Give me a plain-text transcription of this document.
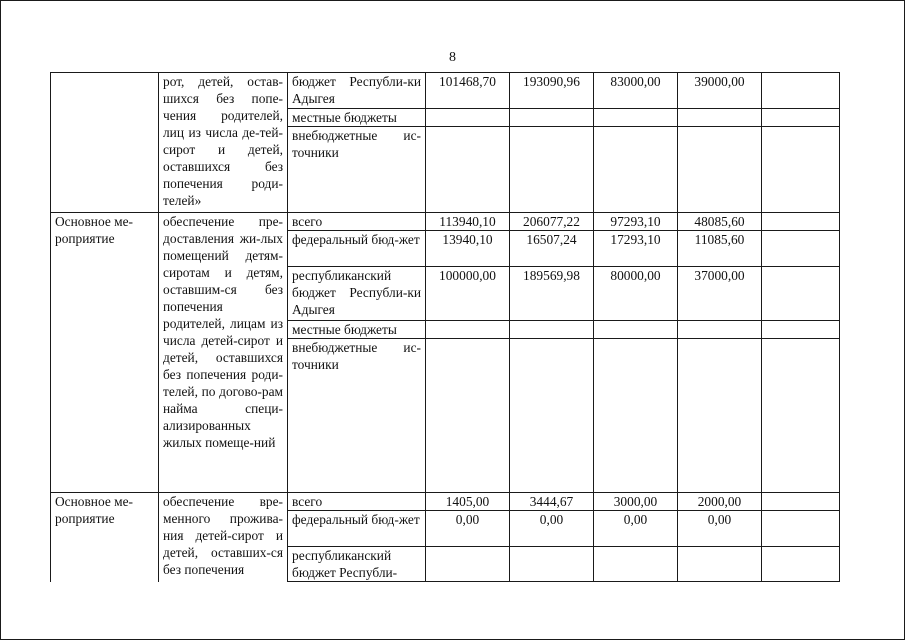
8
	рот, детей, остав-шихся без попе-чения родителей, лиц из числа де-тей-сирот и детей, оставшихся без попечения роди-телей»	бюджет Республи-ки Адыгея	101468,70	193090,96	83000,00	39000,00	
		местные бюджеты					
		внебюджетные ис-точники					
Основное ме-роприятие	обеспечение пре-доставления жи-лых помещений детям-сиротам и детям, оставшим-ся без попечения родителей, лицам из числа детей-сирот и детей, оставшихся без попечения роди-телей, по догово-рам найма специ-ализированных жилых помеще-ний	всего	113940,10	206077,22	97293,10	48085,60	
		федеральный бюд-жет	13940,10	16507,24	17293,10	11085,60	
		республиканский бюджет Республи-ки Адыгея	100000,00	189569,98	80000,00	37000,00	
		местные бюджеты					
		внебюджетные ис-точники					
Основное ме-роприятие	обеспечение вре-менного прожива-ния детей-сирот и детей, оставших-ся без попечения	всего	1405,00	3444,67	3000,00	2000,00	
		федеральный бюд-жет	0,00	0,00	0,00	0,00	
		республиканский бюджет Республи-					
